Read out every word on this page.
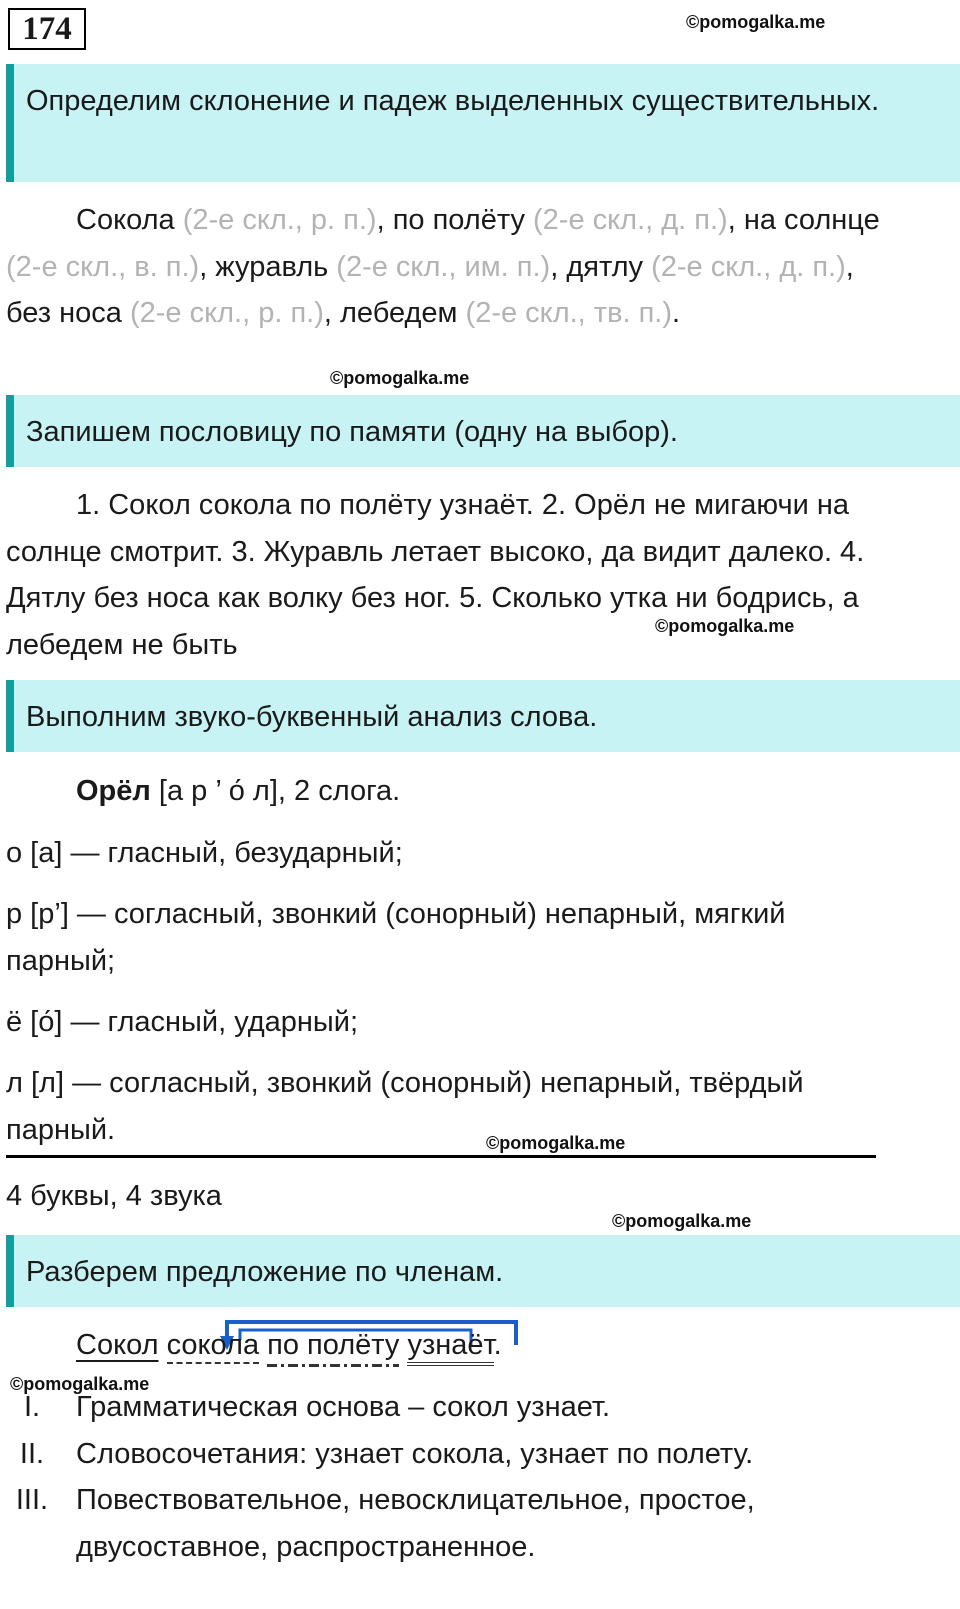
174	©pomogalka.me
Определим склонение и падеж выделенных существительных.

Сокола (2-е скл., р. п.), по полёту (2-е скл., д. п.), на солнце (2-е скл., в. п.), журавль (2-е скл., им. п.), дятлу (2-е скл., д. п.), без носа (2-е скл., р. п.), лебедем (2-е скл., тв. п.).

©pomogalka.me
Запишем пословицу по памяти (одну на выбор).

1. Сокол сокола по полёту узнаёт. 2. Орёл не мигаючи на солнце смотрит. 3. Журавль летает высоко, да видит далеко. 4. Дятлу без носа как волку без ног. 5. Сколько утка ни бодрись, а лебедем не быть

©pomogalka.me
Выполним звуко-буквенный анализ слова.

Орёл [а р ’ о́ л], 2 слога.

о [а] — гласный, безударный;

р [р’] — согласный, звонкий (сонорный) непарный, мягкий парный;

ё [о́] — гласный, ударный;

л [л] — согласный, звонкий (сонорный) непарный, твёрдый парный.	©pomogalka.me

4 буквы, 4 звука

©pomogalka.me
Разберем предложение по членам.

Сокол сокола по полёту узнаёт.

©pomogalka.me
I.	Грамматическая основа – сокол узнает.
II.	Словосочетания: узнает сокола, узнает по полету.
III. Повествовательное, невосклицательное, простое, двусоставное, распространенное.
